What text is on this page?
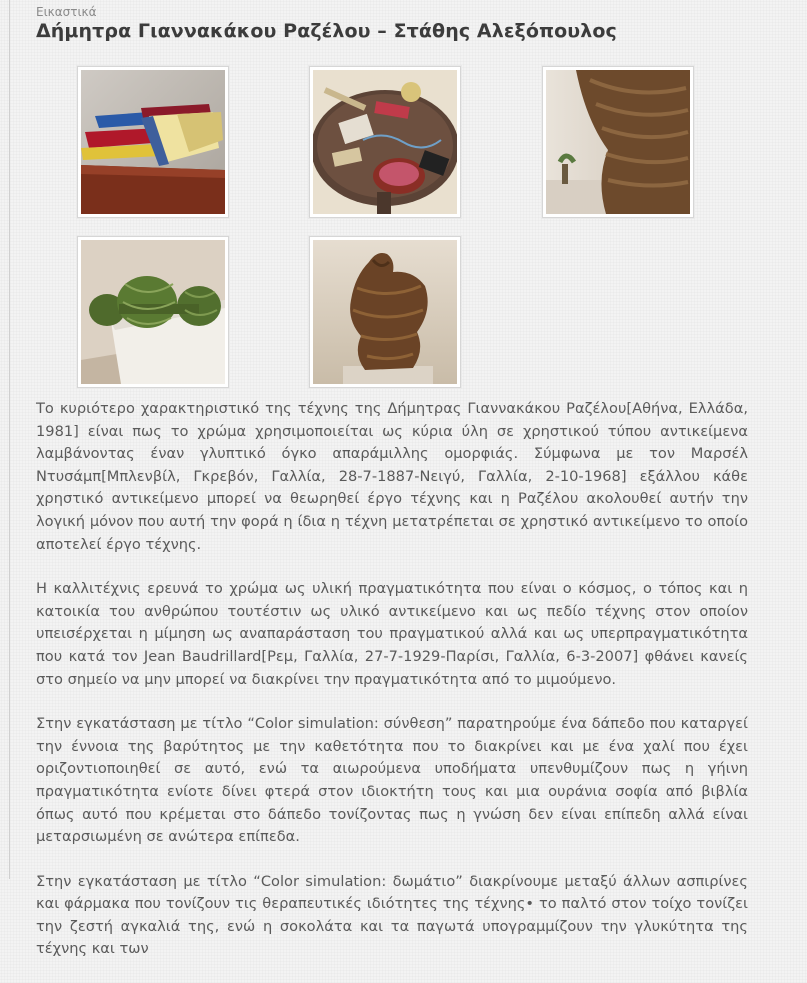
Εικαστικά
Δήμητρα Γιαννακάκου Ραζέλου – Στάθης Αλεξόπουλος

Το κυριότερο χαρακτηριστικό της τέχνης της Δήμητρας Γιαννακάκου Ραζέλου[Αθήνα, Ελλάδα, 1981] είναι πως το χρώμα χρησιμοποιείται ως κύρια ύλη σε χρηστικού τύπου αντικείμενα λαμβάνοντας έναν γλυπτικό όγκο απαράμιλλης ομορφιάς. Σύμφωνα με τον Μαρσέλ Ντυσάμπ[Μπλενβίλ, Γκρεβόν, Γαλλία, 28-7-1887-Νειγύ, Γαλλία, 2-10-1968] εξάλλου κάθε χρηστικό αντικείμενο μπορεί να θεωρηθεί έργο τέχνης και η Ραζέλου ακολουθεί αυτήν την λογική μόνον που αυτή την φορά η ίδια η τέχνη μετατρέπεται σε χρηστικό αντικείμενο το οποίο αποτελεί έργο τέχνης.

Η καλλιτέχνις ερευνά το χρώμα ως υλική πραγματικότητα που είναι ο κόσμος, ο τόπος και η κατοικία του ανθρώπου τουτέστιν ως υλικό αντικείμενο και ως πεδίο τέχνης στον οποίον υπεισέρχεται η μίμηση ως αναπαράσταση του πραγματικού αλλά και ως υπερπραγματικότητα που κατά τον Jean Baudrillard[Ρεμ, Γαλλία, 27-7-1929-Παρίσι, Γαλλία, 6-3-2007] φθάνει κανείς στο σημείο να μην μπορεί να διακρίνει την πραγματικότητα από το μιμούμενο.

Στην εγκατάσταση με τίτλο “Color simulation: σύνθεση” παρατηρούμε ένα δάπεδο που καταργεί την έννοια της βαρύτητος με την καθετότητα που το διακρίνει και με ένα χαλί που έχει οριζοντιοποιηθεί σε αυτό, ενώ τα αιωρούμενα υποδήματα υπενθυμίζουν πως η γήινη πραγματικότητα ενίοτε δίνει φτερά στον ιδιοκτήτη τους και μια ουράνια σοφία από βιβλία όπως αυτό που κρέμεται στο δάπεδο τονίζοντας πως η γνώση δεν είναι επίπεδη αλλά είναι μεταρσιωμένη σε ανώτερα επίπεδα.

Στην εγκατάσταση με τίτλο “Color simulation: δωμάτιο” διακρίνουμε μεταξύ άλλων ασπιρίνες και φάρμακα που τονίζουν τις θεραπευτικές ιδιότητες της τέχνης• το παλτό στον τοίχο τονίζει την ζεστή αγκαλιά της, ενώ η σοκολάτα και τα παγωτά υπογραμμίζουν την γλυκύτητα της τέχνης και των
